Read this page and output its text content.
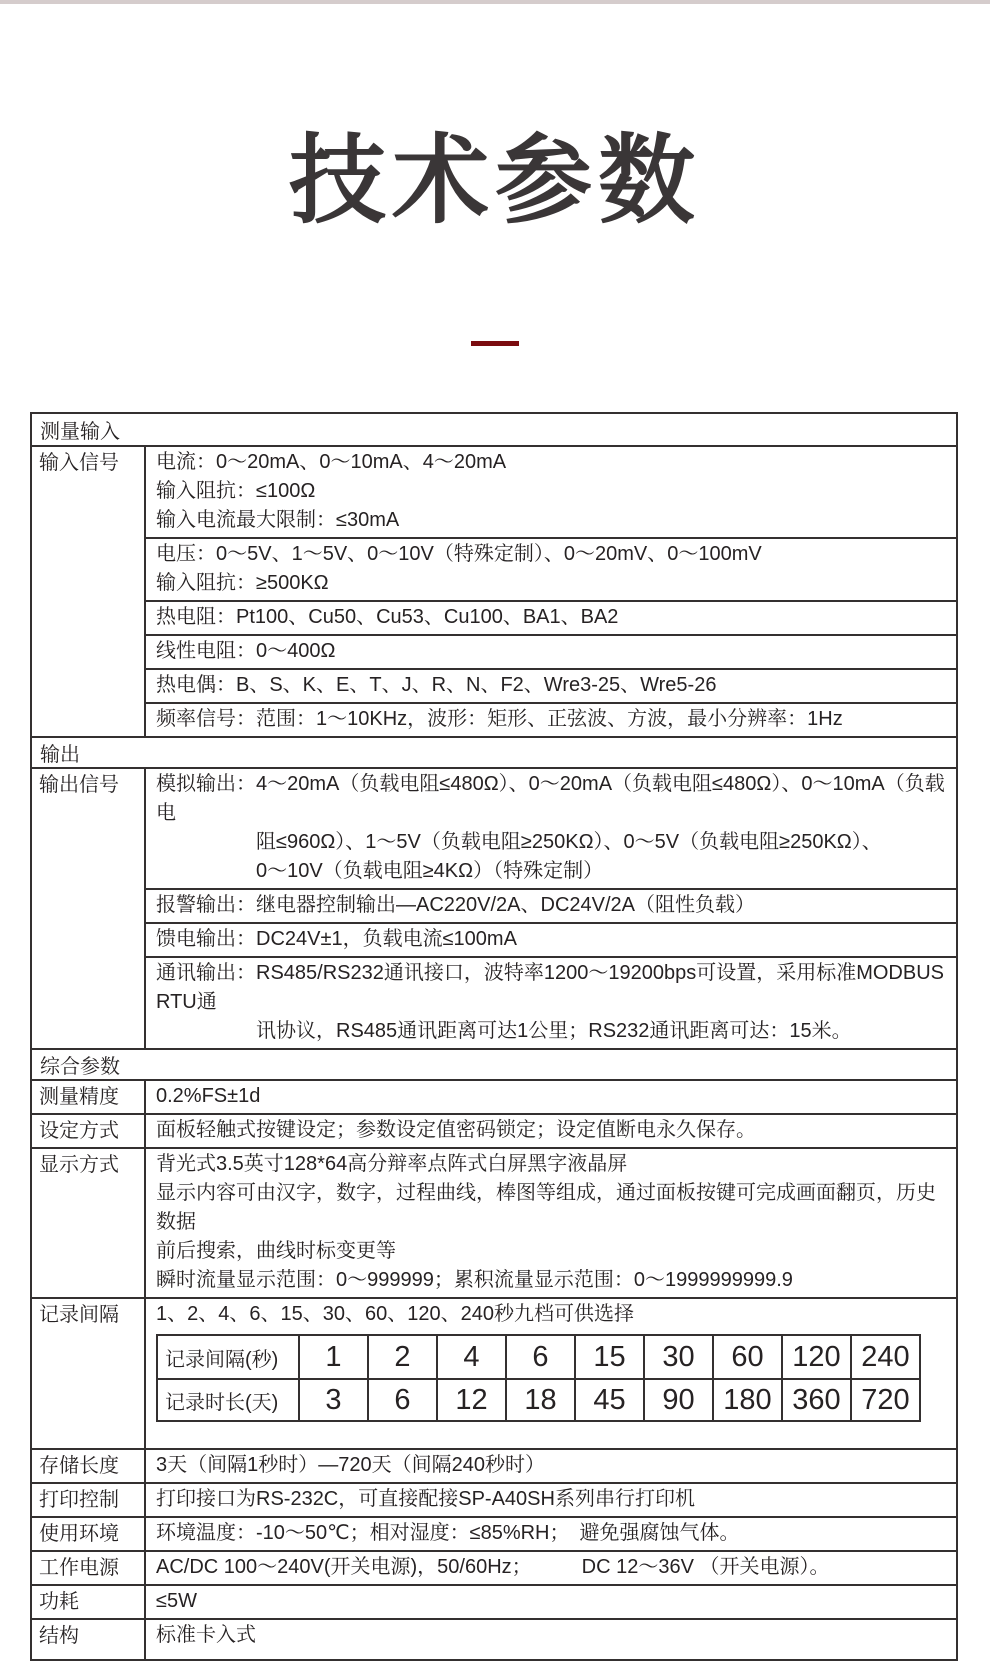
技术参数
测量输入
输入信号	电流：0～20mA、0～10mA、4～20mA
输入阻抗：≤100Ω
输入电流最大限制：≤30mA
电压：0～5V、1～5V、0～10V（特殊定制）、0～20mV、0～100mV
输入阻抗：≥500KΩ
热电阻：Pt100、Cu50、Cu53、Cu100、BA1、BA2
线性电阻：0～400Ω
热电偶：B、S、K、E、T、J、R、N、F2、Wre3-25、Wre5-26
频率信号：范围：1～10KHz，波形：矩形、正弦波、方波，最小分辨率：1Hz
输出
输出信号	模拟输出：4～20mA（负载电阻≤480Ω）、0～20mA（负载电阻≤480Ω）、0～10mA（负载电
阻≤960Ω）、1～5V（负载电阻≥250KΩ）、0～5V（负载电阻≥250KΩ）、
0～10V（负载电阻≥4KΩ）（特殊定制）
报警输出：继电器控制输出—AC220V/2A、DC24V/2A（阻性负载）
馈电输出：DC24V±1，负载电流≤100mA
通讯输出：RS485/RS232通讯接口，波特率1200～19200bps可设置，采用标准MODBUS RTU通
讯协议，RS485通讯距离可达1公里；RS232通讯距离可达：15米。
综合参数
测量精度	0.2%FS±1d
设定方式	面板轻触式按键设定；参数设定值密码锁定；设定值断电永久保存。
显示方式	背光式3.5英寸128*64高分辩率点阵式白屏黑字液晶屏
显示内容可由汉字，数字，过程曲线，棒图等组成，通过面板按键可完成画面翻页，历史数据
前后搜索，曲线时标变更等
瞬时流量显示范围：0～999999；累积流量显示范围：0～1999999999.9
记录间隔	1、2、4、6、15、30、60、120、240秒九档可供选择
记录间隔(秒)	1	2	4	6	15	30	60 120 240
记录时长(天)	3	6	12	18	45	90 180 360 720
存储长度	3天（间隔1秒时）—720天（间隔240秒时）
打印控制	打印接口为RS-232C，可直接配接SP-A40SH系列串行打印机
使用环境	环境温度：-10～50℃；相对湿度：≤85%RH；　避免强腐蚀气体。
工作电源	AC/DC 100～240V(开关电源)，50/60Hz；　　　DC 12～36V （开关电源）。
功耗	≤5W
结构	标准卡入式
